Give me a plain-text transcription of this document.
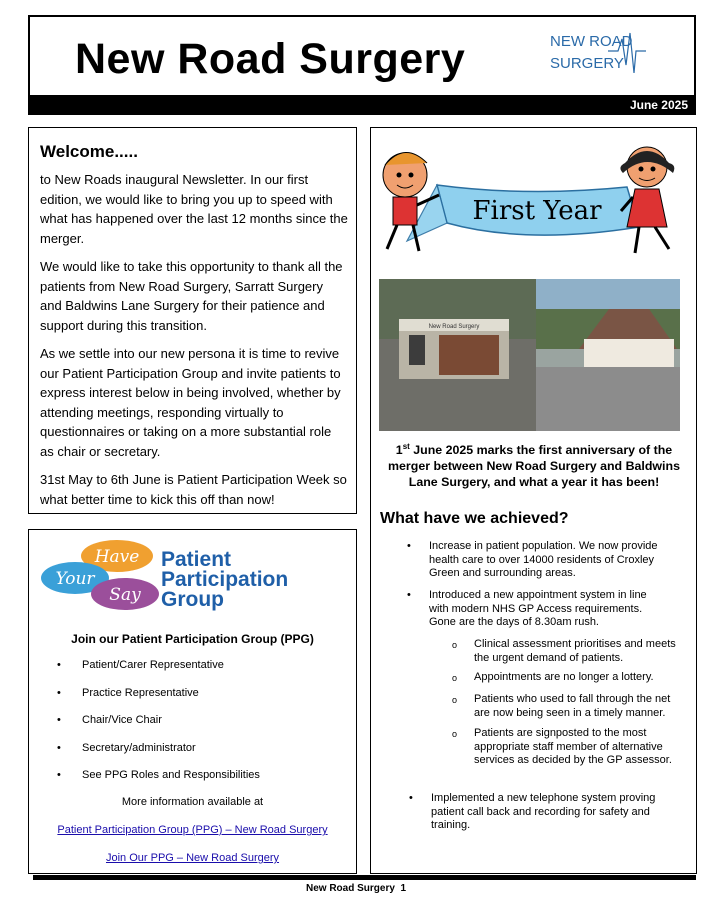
New Road Surgery	NEW ROAD
SURGERY
June 2025
Welcome.....
to New Roads inaugural Newsletter. In our first edition, we would like to bring you up to speed with what has happened over the last 12 months since the merger.
We would like to take this opportunity to thank all the patients from New Road Surgery, Sarratt Surgery and Baldwins Lane Surgery for their patience and support during this transition.
As we settle into our new persona it is time to revive our Patient Participation Group and invite patients to express interest below in being involved, whether by attending meetings, responding virtually to questionnaires or taking on a more substantial role as chair or secretary.
31st May to 6th June is Patient Participation Week so what better time to kick this off than now!
Have
Your
Say
Patient
Participation
Group
Join our Patient Participation Group (PPG)
• Patient/Carer Representative
• Practice Representative
• Chair/Vice Chair
• Secretary/administrator
• See PPG Roles and Responsibilities
More information available at
Patient Participation Group (PPG) – New Road Surgery
Join Our PPG – New Road Surgery
First Year
New Road Surgery
1st June 2025 marks the first anniversary of the merger between New Road Surgery and Baldwins Lane Surgery, and what a year it has been!
What have we achieved?
• Increase in patient population. We now provide health care to over 14000 residents of Croxley Green and surrounding areas.
• Introduced a new appointment system in line with modern NHS GP Access requirements. Gone are the days of 8.30am rush.
o Clinical assessment prioritises and meets the urgent demand of patients.
o Appointments are no longer a lottery.
o Patients who used to fall through the net are now being seen in a timely manner.
o Patients are signposted to the most appropriate staff member of alternative services as decided by the GP assessor.
• Implemented a new telephone system proving patient call back and recording for safety and training.
New Road Surgery  1
